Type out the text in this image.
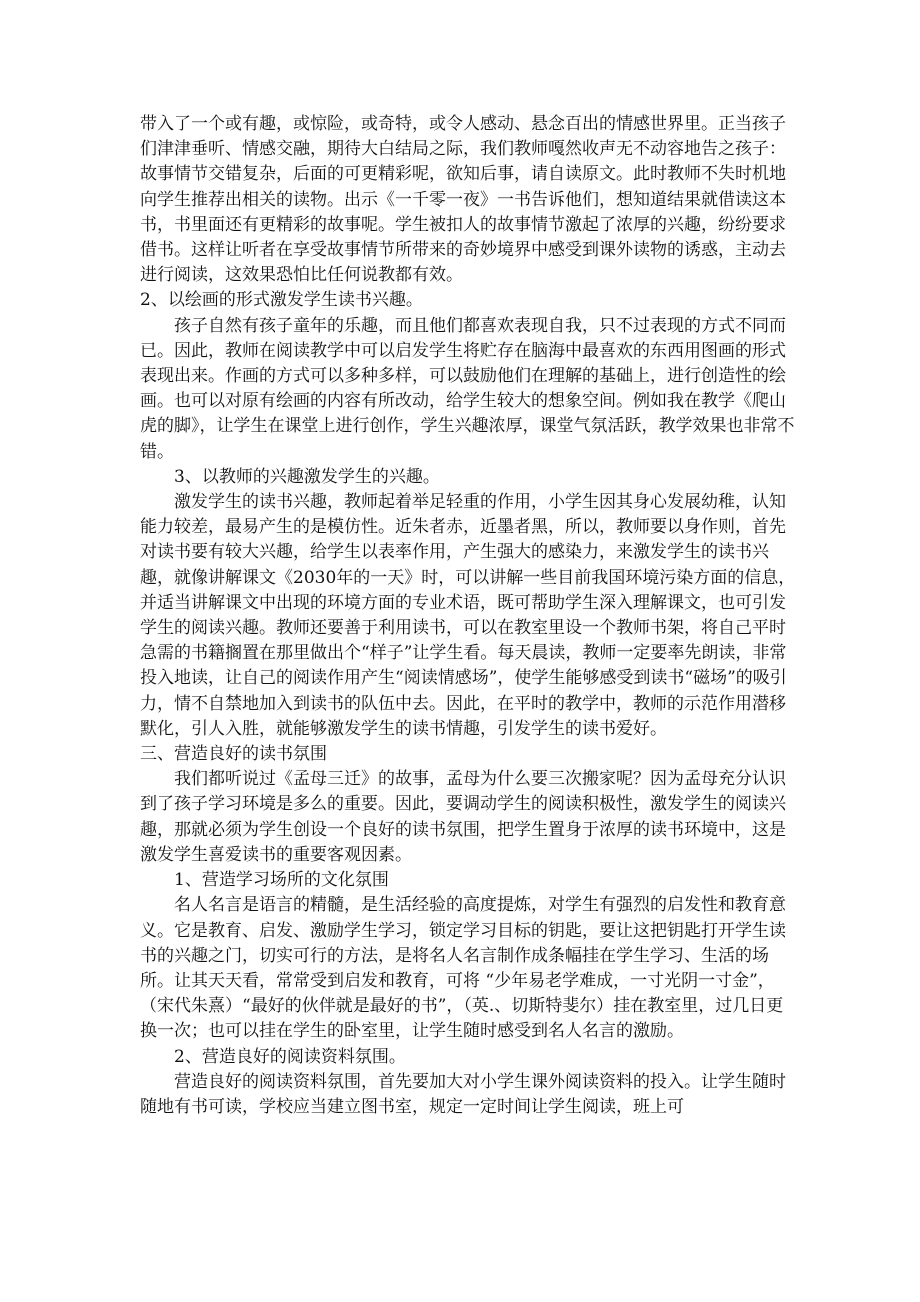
带入了一个或有趣，或惊险，或奇特，或令人感动、悬念百出的情感世界里。正当孩子们津津垂听、情感交融，期待大白结局之际，我们教师嘎然收声无不动容地告之孩子：故事情节交错复杂，后面的可更精彩呢，欲知后事，请自读原文。此时教师不失时机地向学生推荐出相关的读物。出示《一千零一夜》一书告诉他们，想知道结果就借读这本书，书里面还有更精彩的故事呢。学生被扣人的故事情节激起了浓厚的兴趣，纷纷要求借书。这样让听者在享受故事情节所带来的奇妙境界中感受到课外读物的诱惑，主动去进行阅读，这效果恐怕比任何说教都有效。

2、以绘画的形式激发学生读书兴趣。

孩子自然有孩子童年的乐趣，而且他们都喜欢表现自我，只不过表现的方式不同而已。因此，教师在阅读教学中可以启发学生将贮存在脑海中最喜欢的东西用图画的形式表现出来。作画的方式可以多种多样，可以鼓励他们在理解的基础上，进行创造性的绘画。也可以对原有绘画的内容有所改动，给学生较大的想象空间。例如我在教学《爬山虎的脚》，让学生在课堂上进行创作，学生兴趣浓厚，课堂气氛活跃，教学效果也非常不错。

3、以教师的兴趣激发学生的兴趣。

激发学生的读书兴趣，教师起着举足轻重的作用，小学生因其身心发展幼稚，认知能力较差，最易产生的是模仿性。近朱者赤，近墨者黑，所以，教师要以身作则，首先对读书要有较大兴趣，给学生以表率作用，产生强大的感染力，来激发学生的读书兴趣，就像讲解课文《2030年的一天》时，可以讲解一些目前我国环境污染方面的信息，并适当讲解课文中出现的环境方面的专业术语，既可帮助学生深入理解课文，也可引发学生的阅读兴趣。教师还要善于利用读书，可以在教室里设一个教师书架，将自己平时急需的书籍搁置在那里做出个“样子”让学生看。每天晨读，教师一定要率先朗读，非常投入地读，让自己的阅读作用产生“阅读情感场”，使学生能够感受到读书“磁场”的吸引力，情不自禁地加入到读书的队伍中去。因此，在平时的教学中，教师的示范作用潜移默化，引人入胜，就能够激发学生的读书情趣，引发学生的读书爱好。

三、营造良好的读书氛围

我们都听说过《孟母三迁》的故事，孟母为什么要三次搬家呢？因为孟母充分认识到了孩子学习环境是多么的重要。因此，要调动学生的阅读积极性，激发学生的阅读兴趣，那就必须为学生创设一个良好的读书氛围，把学生置身于浓厚的读书环境中，这是激发学生喜爱读书的重要客观因素。

1、营造学习场所的文化氛围

名人名言是语言的精髓，是生活经验的高度提炼，对学生有强烈的启发性和教育意义。它是教育、启发、激励学生学习，锁定学习目标的钥匙，要让这把钥匙打开学生读书的兴趣之门，切实可行的方法，是将名人名言制作成条幅挂在学生学习、生活的场所。让其天天看，常常受到启发和教育，可将 “少年易老学难成，一寸光阴一寸金”，（宋代朱熹）“最好的伙伴就是最好的书”，（英.、切斯特斐尔）挂在教室里，过几日更换一次；也可以挂在学生的卧室里，让学生随时感受到名人名言的激励。

2、营造良好的阅读资料氛围。

营造良好的阅读资料氛围，首先要加大对小学生课外阅读资料的投入。让学生随时随地有书可读，学校应当建立图书室，规定一定时间让学生阅读，班上可
